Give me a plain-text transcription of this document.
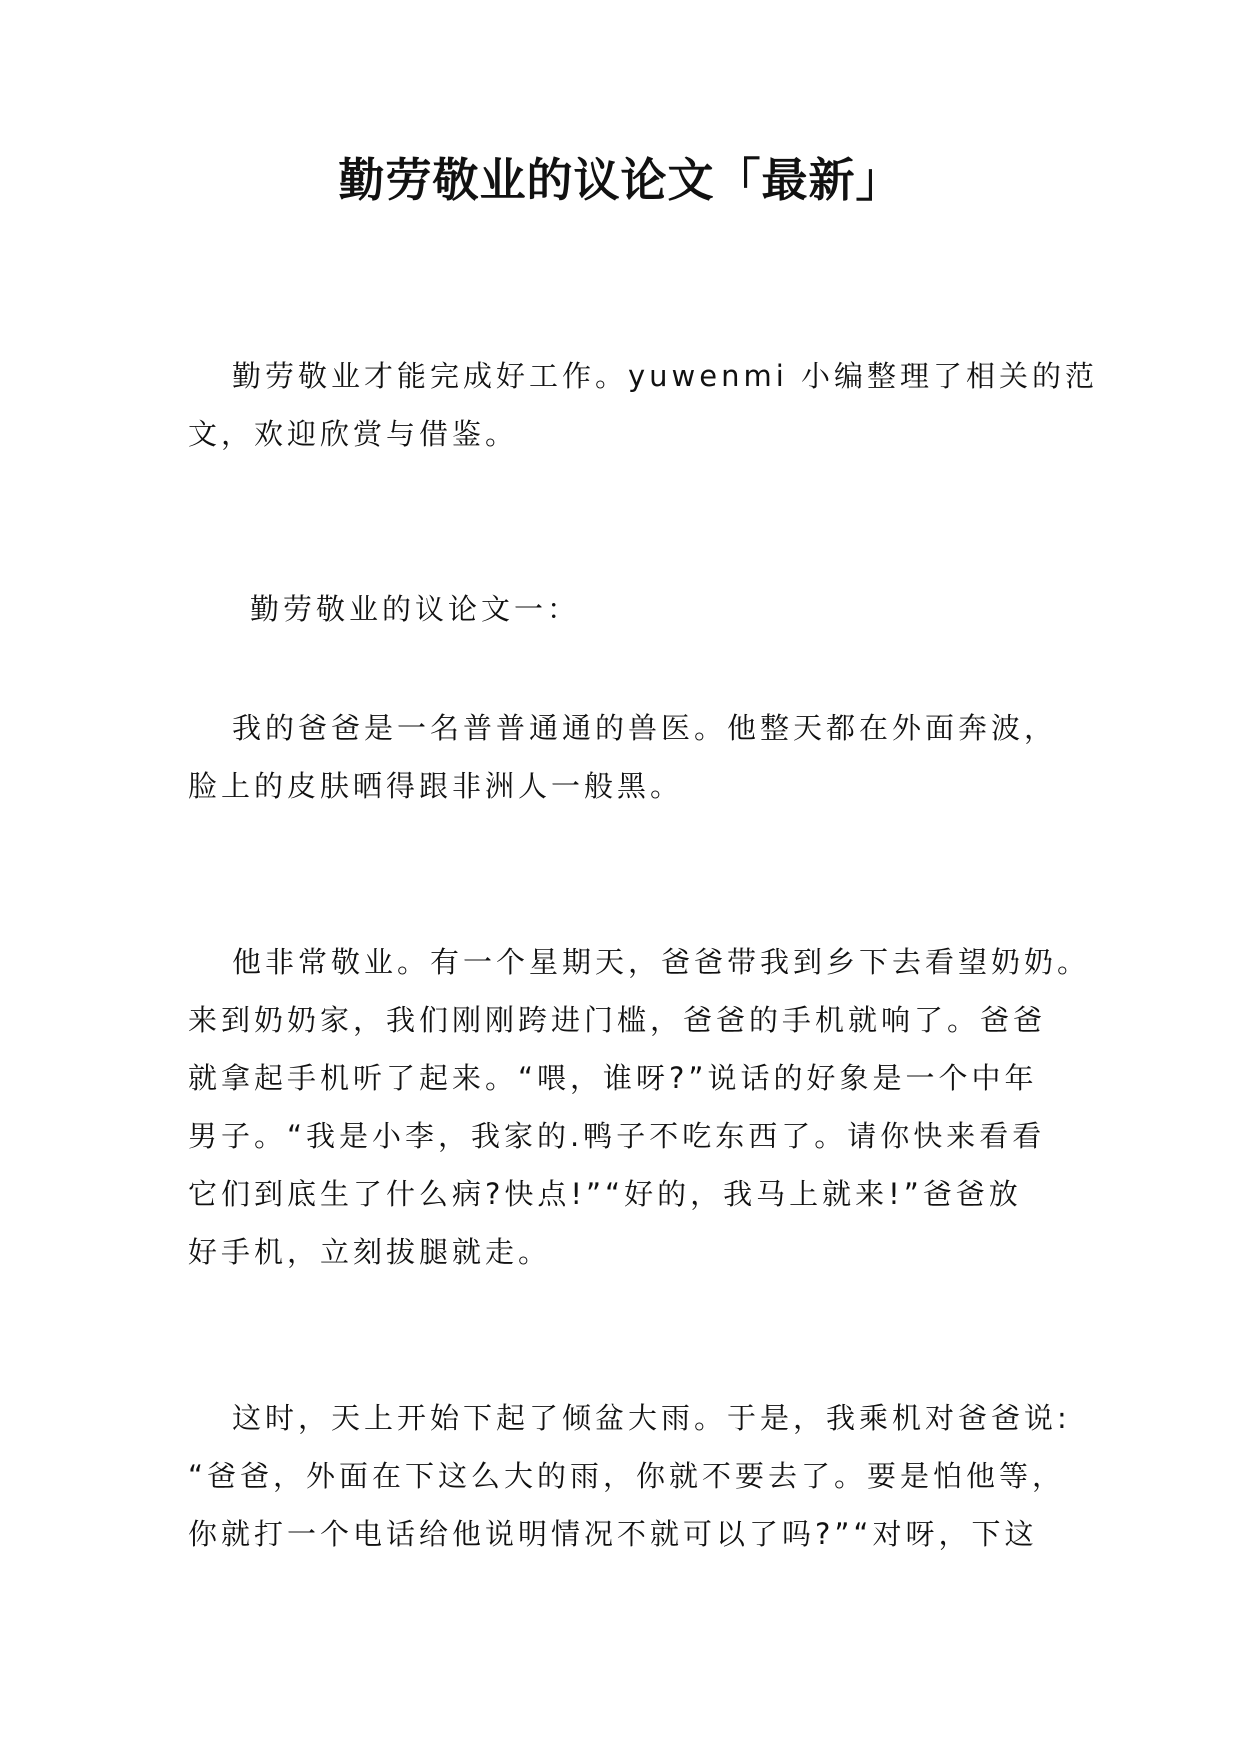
勤劳敬业的议论文「最新」
勤劳敬业才能完成好工作。yuwenmi 小编整理了相关的范
文，欢迎欣赏与借鉴。
勤劳敬业的议论文一：
我的爸爸是一名普普通通的兽医。他整天都在外面奔波，
脸上的皮肤晒得跟非洲人一般黑。
他非常敬业。有一个星期天，爸爸带我到乡下去看望奶奶。
来到奶奶家，我们刚刚跨进门槛，爸爸的手机就响了。爸爸
就拿起手机听了起来。“喂，谁呀?”说话的好象是一个中年
男子。“我是小李，我家的.鸭子不吃东西了。请你快来看看
它们到底生了什么病?快点!”“好的，我马上就来!”爸爸放
好手机，立刻拔腿就走。
这时，天上开始下起了倾盆大雨。于是，我乘机对爸爸说:
“爸爸，外面在下这么大的雨，你就不要去了。要是怕他等，
你就打一个电话给他说明情况不就可以了吗?”“对呀，下这
